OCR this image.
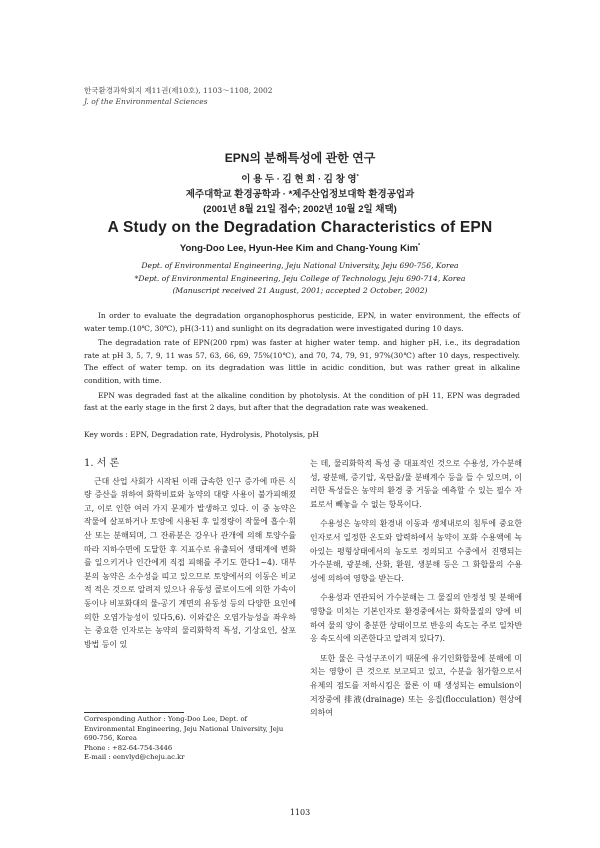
한국환경과학회지 제11권(제10호), 1103～1108, 2002
J. of the Environmental Sciences
EPN의 분해특성에 관한 연구
이 용 두 · 김 현 희 · 김 창 영*
제주대학교 환경공학과 · *제주산업정보대학 환경공업과
(2001년 8월 21일 접수; 2002년 10월 2일 채택)
A Study on the Degradation Characteristics of EPN
Yong-Doo Lee, Hyun-Hee Kim and Chang-Young Kim*
Dept. of Environmental Engineering, Jeju National University, Jeju 690-756, Korea
*Dept. of Environmental Engineering, Jeju College of Technology, Jeju 690-714, Korea
(Manuscript received 21 August, 2001; accepted 2 October, 2002)

In order to evaluate the degradation organophosphorus pesticide, EPN, in water environment, the effects of water temp.(10℃, 30℃), pH(3-11) and sunlight on its degradation were investigated during 10 days.

The degradation rate of EPN(200 rpm) was faster at higher water temp. and higher pH, i.e., its degradation rate at pH 3, 5, 7, 9, 11 was 57, 63, 66, 69, 75%(10℃), and 70, 74, 79, 91, 97%(30℃) after 10 days, respectively. The effect of water temp. on its degradation was little in acidic condition, but was rather great in alkaline condition, with time.

EPN was degraded fast at the alkaline condition by photolysis. At the condition of pH 11, EPN was degraded fast at the early stage in the first 2 days, but after that the degradation rate was weakened.

Key words : EPN, Degradation rate, Hydrolysis, Photolysis, pH
1. 서 론

근대 산업 사회가 시작된 이래 급속한 인구 증가에 따른 식량 증산을 위하여 화학비료와 농약의 대량 사용이 불가피해졌고, 이로 인한 여러 가지 문제가 발생하고 있다. 이 중 농약은 작물에 살포하거나 토양에 시용된 후 일정량이 작물에 흡수·휘산 또는 분해되며, 그 잔류분은 강우나 관개에 의해 토양수를 따라 지하수면에 도달한 후 지표수로 유출되어 생태계에 변화를 일으키거나 인간에게 직접 피해를 주기도 한다1∼4). 대부분의 농약은 소수성을 띠고 있으므로 토양에서의 이동은 비교적 적은 것으로 알려져 있으나 유동성 콜로이드에 의한 가속이동이나 비포화대의 물-공기 계면의 유동성 등의 다양한 요인에 의한 오염가능성이 있다5,6). 이와같은 오염가능성을 좌우하는 중요한 인자로는 농약의 물리화학적 특성, 기상요인, 살포방법 등이 있

는 데, 물리화학적 특성 중 대표적인 것으로 수용성, 가수분해성, 광분해, 증기압, 옥탄올/물 분배계수 등을 들 수 있으며, 이러한 특성들은 농약의 환경 중 거동을 예측할 수 있는 필수 자료로서 빼놓을 수 없는 항목이다.

수용성은 농약의 환경내 이동과 생체내로의 침투에 중요한 인자로서 일정한 온도와 압력하에서 농약이 포화 수용액에 녹아있는 평형상태에서의 농도로 정의되고 수중에서 진행되는 가수분해, 광분해, 산화, 환원, 생분해 등은 그 화합물의 수용성에 의하여 영향을 받는다.

수용성과 연관되어 가수분해는 그 물질의 안정성 및 분해에 영향을 미치는 기본인자로 환경중에서는 화학물질의 양에 비하여 물의 양이 충분한 상태이므로 반응의 속도는 주로 일차반응 속도식에 의존한다고 알려져 있다7).

또한 물은 극성구조이기 때문에 유기인화합물에 분해에 미치는 영향이 큰 것으로 보고되고 있고, 수분을 첨가함으로서 유제의 점도를 저하시킴은 물론 이 때 생성되는 emulsion이 저장중에 排液(drainage) 또는 응집(flocculation) 현상에 의하여

Corresponding Author : Yong-Doo Lee, Dept. of Environmental Engineering, Jeju National University, Jeju 690-756, Korea
Phone : +82-64-754-3446
E-mail : eenvlyd@cheju.ac.kr
1103
